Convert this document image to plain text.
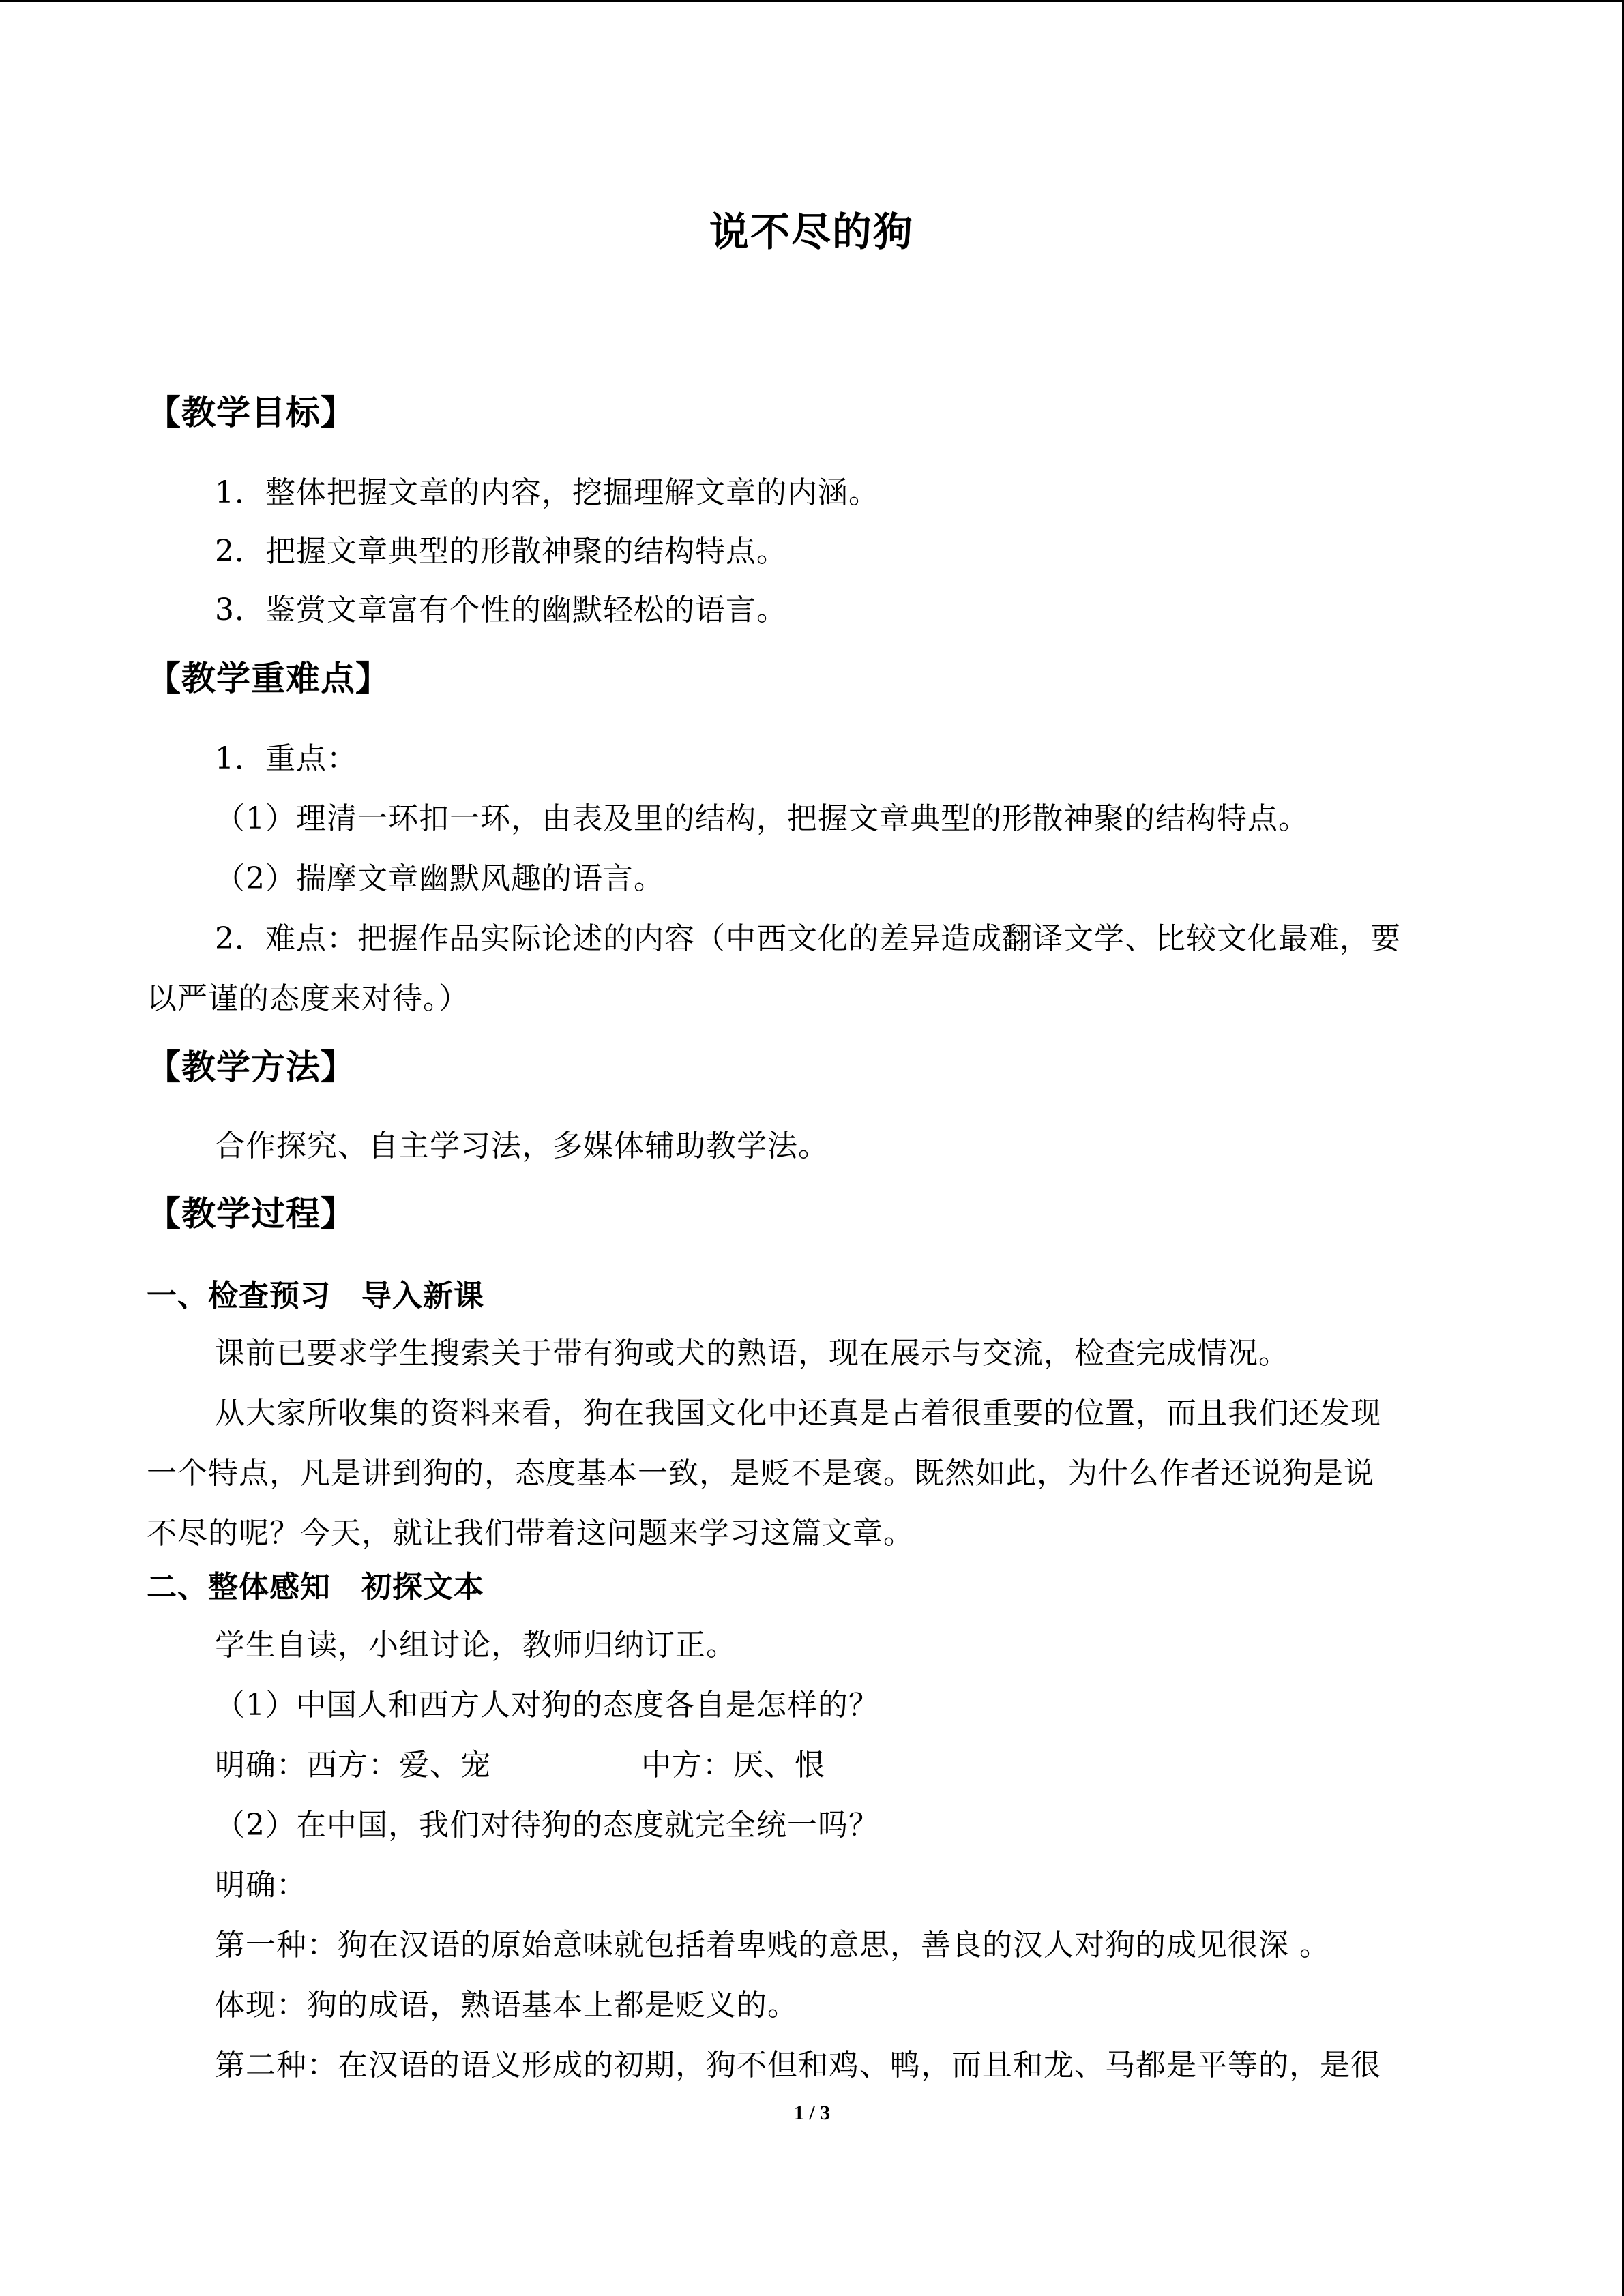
说不尽的狗
【教学目标】
1．整体把握文章的内容，挖掘理解文章的内涵。
2．把握文章典型的形散神聚的结构特点。
3．鉴赏文章富有个性的幽默轻松的语言。
【教学重难点】
1．重点：
（1）理清一环扣一环，由表及里的结构，把握文章典型的形散神聚的结构特点。
（2）揣摩文章幽默风趣的语言。
2．难点：把握作品实际论述的内容（中西文化的差异造成翻译文学、比较文化最难，要
以严谨的态度来对待。）
【教学方法】
合作探究、自主学习法，多媒体辅助教学法。
【教学过程】
一、检查预习　导入新课
课前已要求学生搜索关于带有狗或犬的熟语，现在展示与交流，检查完成情况。
从大家所收集的资料来看，狗在我国文化中还真是占着很重要的位置，而且我们还发现
一个特点，凡是讲到狗的，态度基本一致，是贬不是褒。既然如此，为什么作者还说狗是说
不尽的呢？今天，就让我们带着这问题来学习这篇文章。
二、整体感知　初探文本
学生自读，小组讨论，教师归纳订正。
（1）中国人和西方人对狗的态度各自是怎样的？
明确：西方：爱、宠	中方：厌、恨
（2）在中国，我们对待狗的态度就完全统一吗？
明确：
第一种：狗在汉语的原始意味就包括着卑贱的意思，善良的汉人对狗的成见很深 。
体现：狗的成语，熟语基本上都是贬义的。
第二种：在汉语的语义形成的初期，狗不但和鸡、鸭，而且和龙、马都是平等的，是很
1 / 3
